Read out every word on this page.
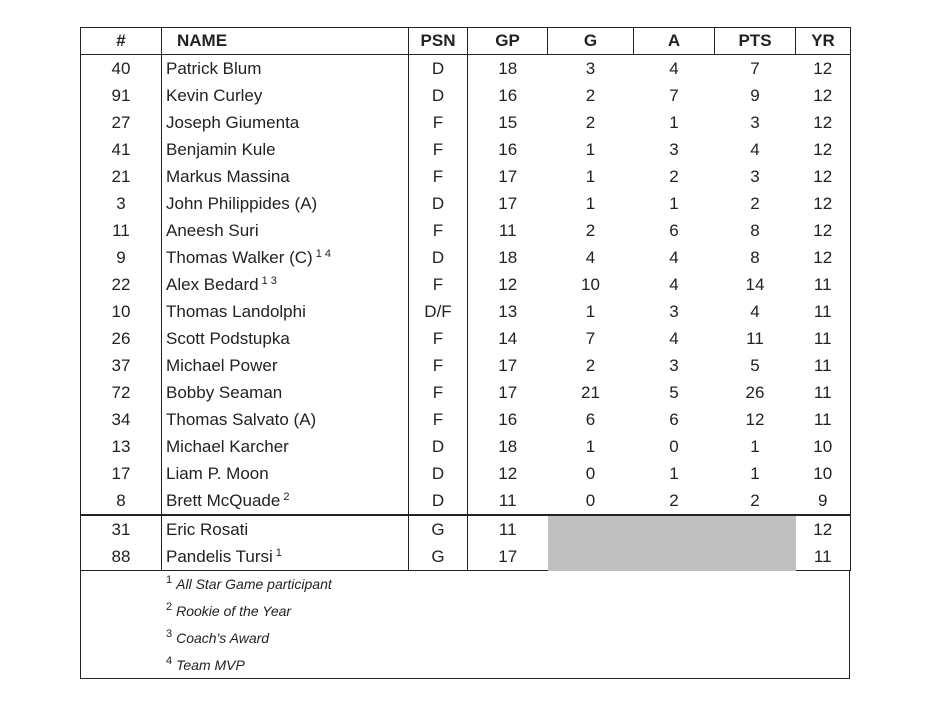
#	NAME	PSN	GP	G	A	PTS	YR
40	Patrick Blum	D	18	3	4	7	12
91	Kevin Curley	D	16	2	7	9	12
27	Joseph Giumenta	F	15	2	1	3	12
41	Benjamin Kule	F	16	1	3	4	12
21	Markus Massina	F	17	1	2	3	12
3	John Philippides (A)	D	17	1	1	2	12
11	Aneesh Suri	F	11	2	6	8	12
9	Thomas Walker (C) $^{1 4}$	D	18	4	4	8	12
22	Alex Bedard $^{1 3}$	F	12	10	4	14	11
10	Thomas Landolphi	D/F	13	1	3	4	11
26	Scott Podstupka	F	14	7	4	11	11
37	Michael Power	F	17	2	3	5	11
72	Bobby Seaman	F	17	21	5	26	11
34	Thomas Salvato (A)	F	16	6	6	12	11
13	Michael Karcher	D	18	1	0	1	10
17	Liam P. Moon	D	12	0	1	1	10
8	Brett McQuade $^2$	D	11	0	2	2	9
31	Eric Rosati	G	11				12
88	Pandelis Tursi $^1$	G	17				11
$^1$ All Star Game participant
$^2$ Rookie of the Year
$^3$ Coach's Award
$^4$ Team MVP
